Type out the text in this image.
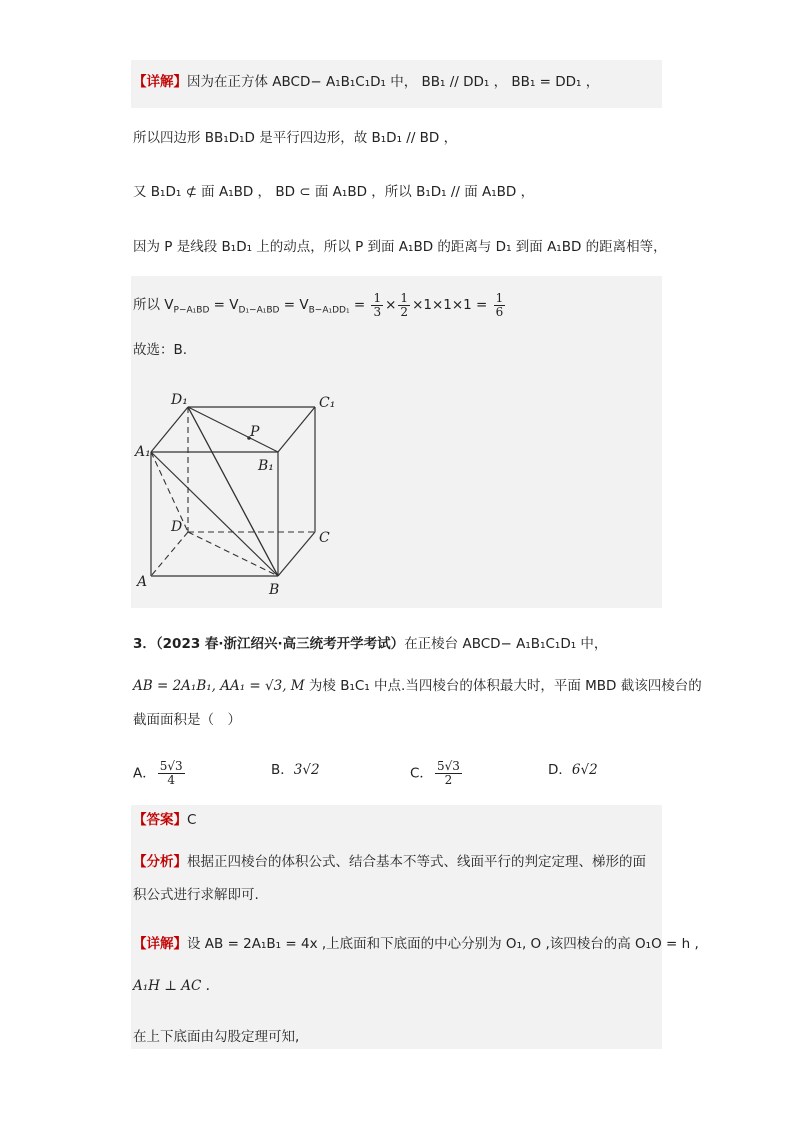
【详解】因为在正方体 ABCD− A₁B₁C₁D₁ 中， BB₁ // DD₁ ， BB₁ = DD₁ ，
所以四边形 BB₁D₁D 是平行四边形，故 B₁D₁ // BD ，
又 B₁D₁ ⊄ 面 A₁BD ， BD ⊂ 面 A₁BD ，所以 B₁D₁ // 面 A₁BD ，
因为 P 是线段 B₁D₁ 上的动点，所以 P 到面 A₁BD 的距离与 D₁ 到面 A₁BD 的距离相等，
所以 $V_{P-A_1BD} = V_{D_1-A_1BD} = V_{B-A_1DD_1} = \frac{1}{3} \times \frac{1}{2} \times 1\times 1\times 1 = \frac{1}{6}$
故选：B.
D₁	C₁
P
A₁
B₁
D
C
A	B
3．（2023 春·浙江绍兴·高三统考开学考试）在正棱台 ABCD− A₁B₁C₁D₁ 中，
AB = 2A₁B₁, AA₁ = √3, M 为棱 B₁C₁ 中点.当四棱台的体积最大时，平面 MBD 截该四棱台的
截面面积是（　）
A． $\frac{5√3}{4}$	B．3√2	C． $\frac{5√3}{2}$	D．6√2
【答案】C
【分析】根据正四棱台的体积公式、结合基本不等式、线面平行的判定定理、梯形的面
积公式进行求解即可.
【详解】设 AB = 2A₁B₁ = 4x ,上底面和下底面的中心分别为 O₁, O ,该四棱台的高 O₁O = h ,
A₁H ⊥ AC .
在上下底面由勾股定理可知,
